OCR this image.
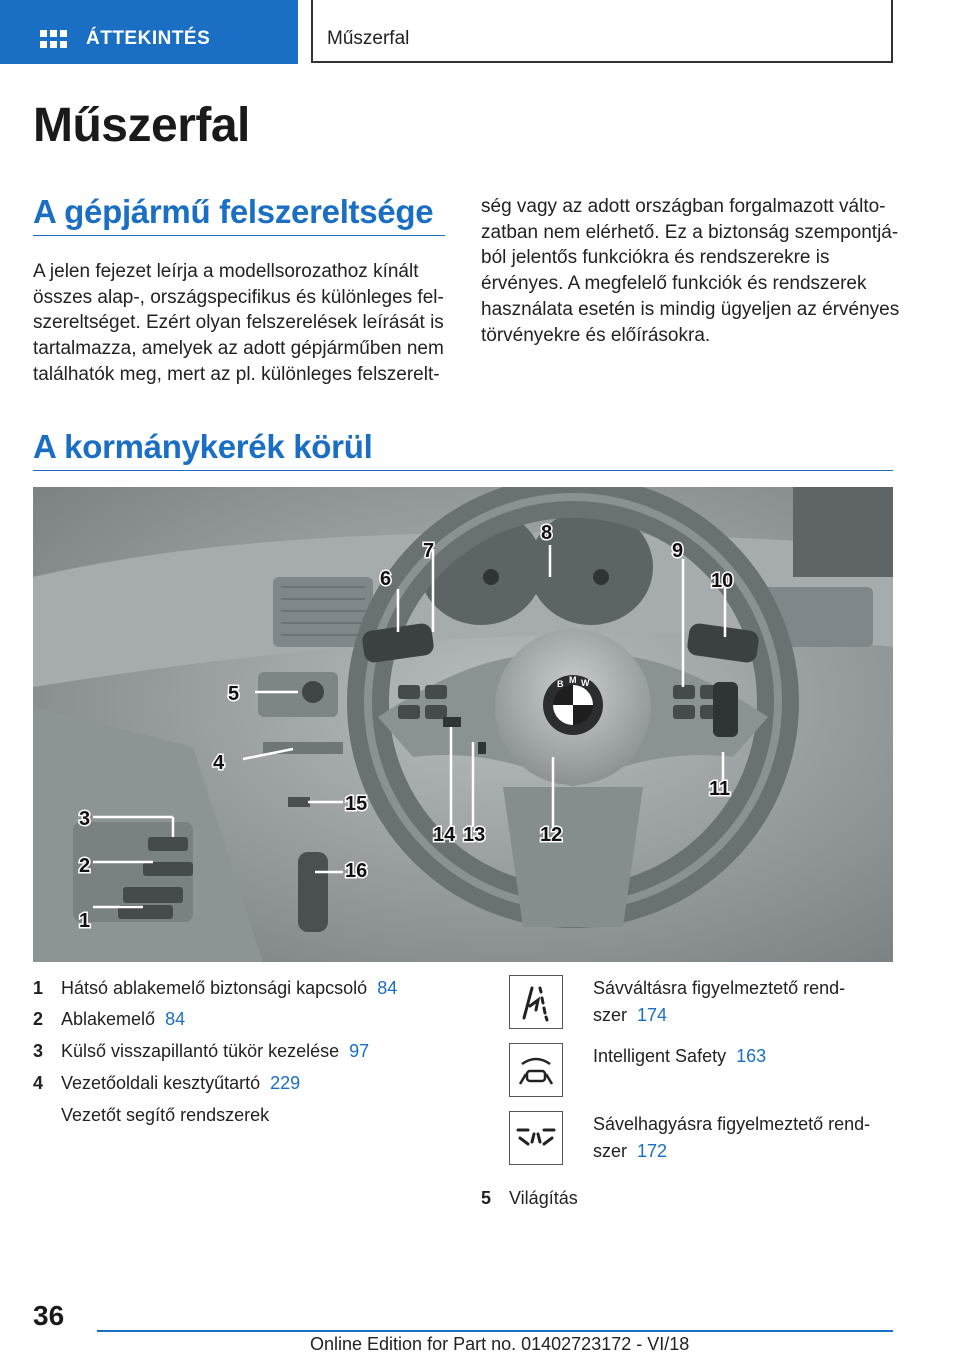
ÁTTEKINTÉS	Műszerfal
Műszerfal
A gépjármű felszereltsége
A jelen fejezet leírja a modellsorozathoz kínált
összes alap-, országspecifikus és különleges fel-
szereltséget. Ezért olyan felszerelések leírását is
tartalmazza, amelyek az adott gépjárműben nem
találhatók meg, mert az pl. különleges felszerelt-
ség vagy az adott országban forgalmazott válto-
zatban nem elérhető. Ez a biztonság szempontjá-
ból jelentős funkciókra és rendszerekre is
érvényes. A megfelelő funkciók és rendszerek
használata esetén is mindig ügyeljen az érvényes
törvényekre és előírásokra.
A kormánykerék körül
B M W
1
2
3
4
5
6
7
8
9
10
11
12
13
14
15
16
1 Hátsó ablakemelő biztonsági kapcsoló 84
2 Ablakemelő 84
3 Külső visszapillantó tükör kezelése 97
4 Vezetőoldali kesztyűtartó 229
Vezetőt segítő rendszerek
Sávváltásra figyelmeztető rend-
szer 174
Intelligent Safety 163
Sávelhagyásra figyelmeztető rend-
szer 172
5 Világítás
36
Online Edition for Part no. 01402723172 - VI/18
